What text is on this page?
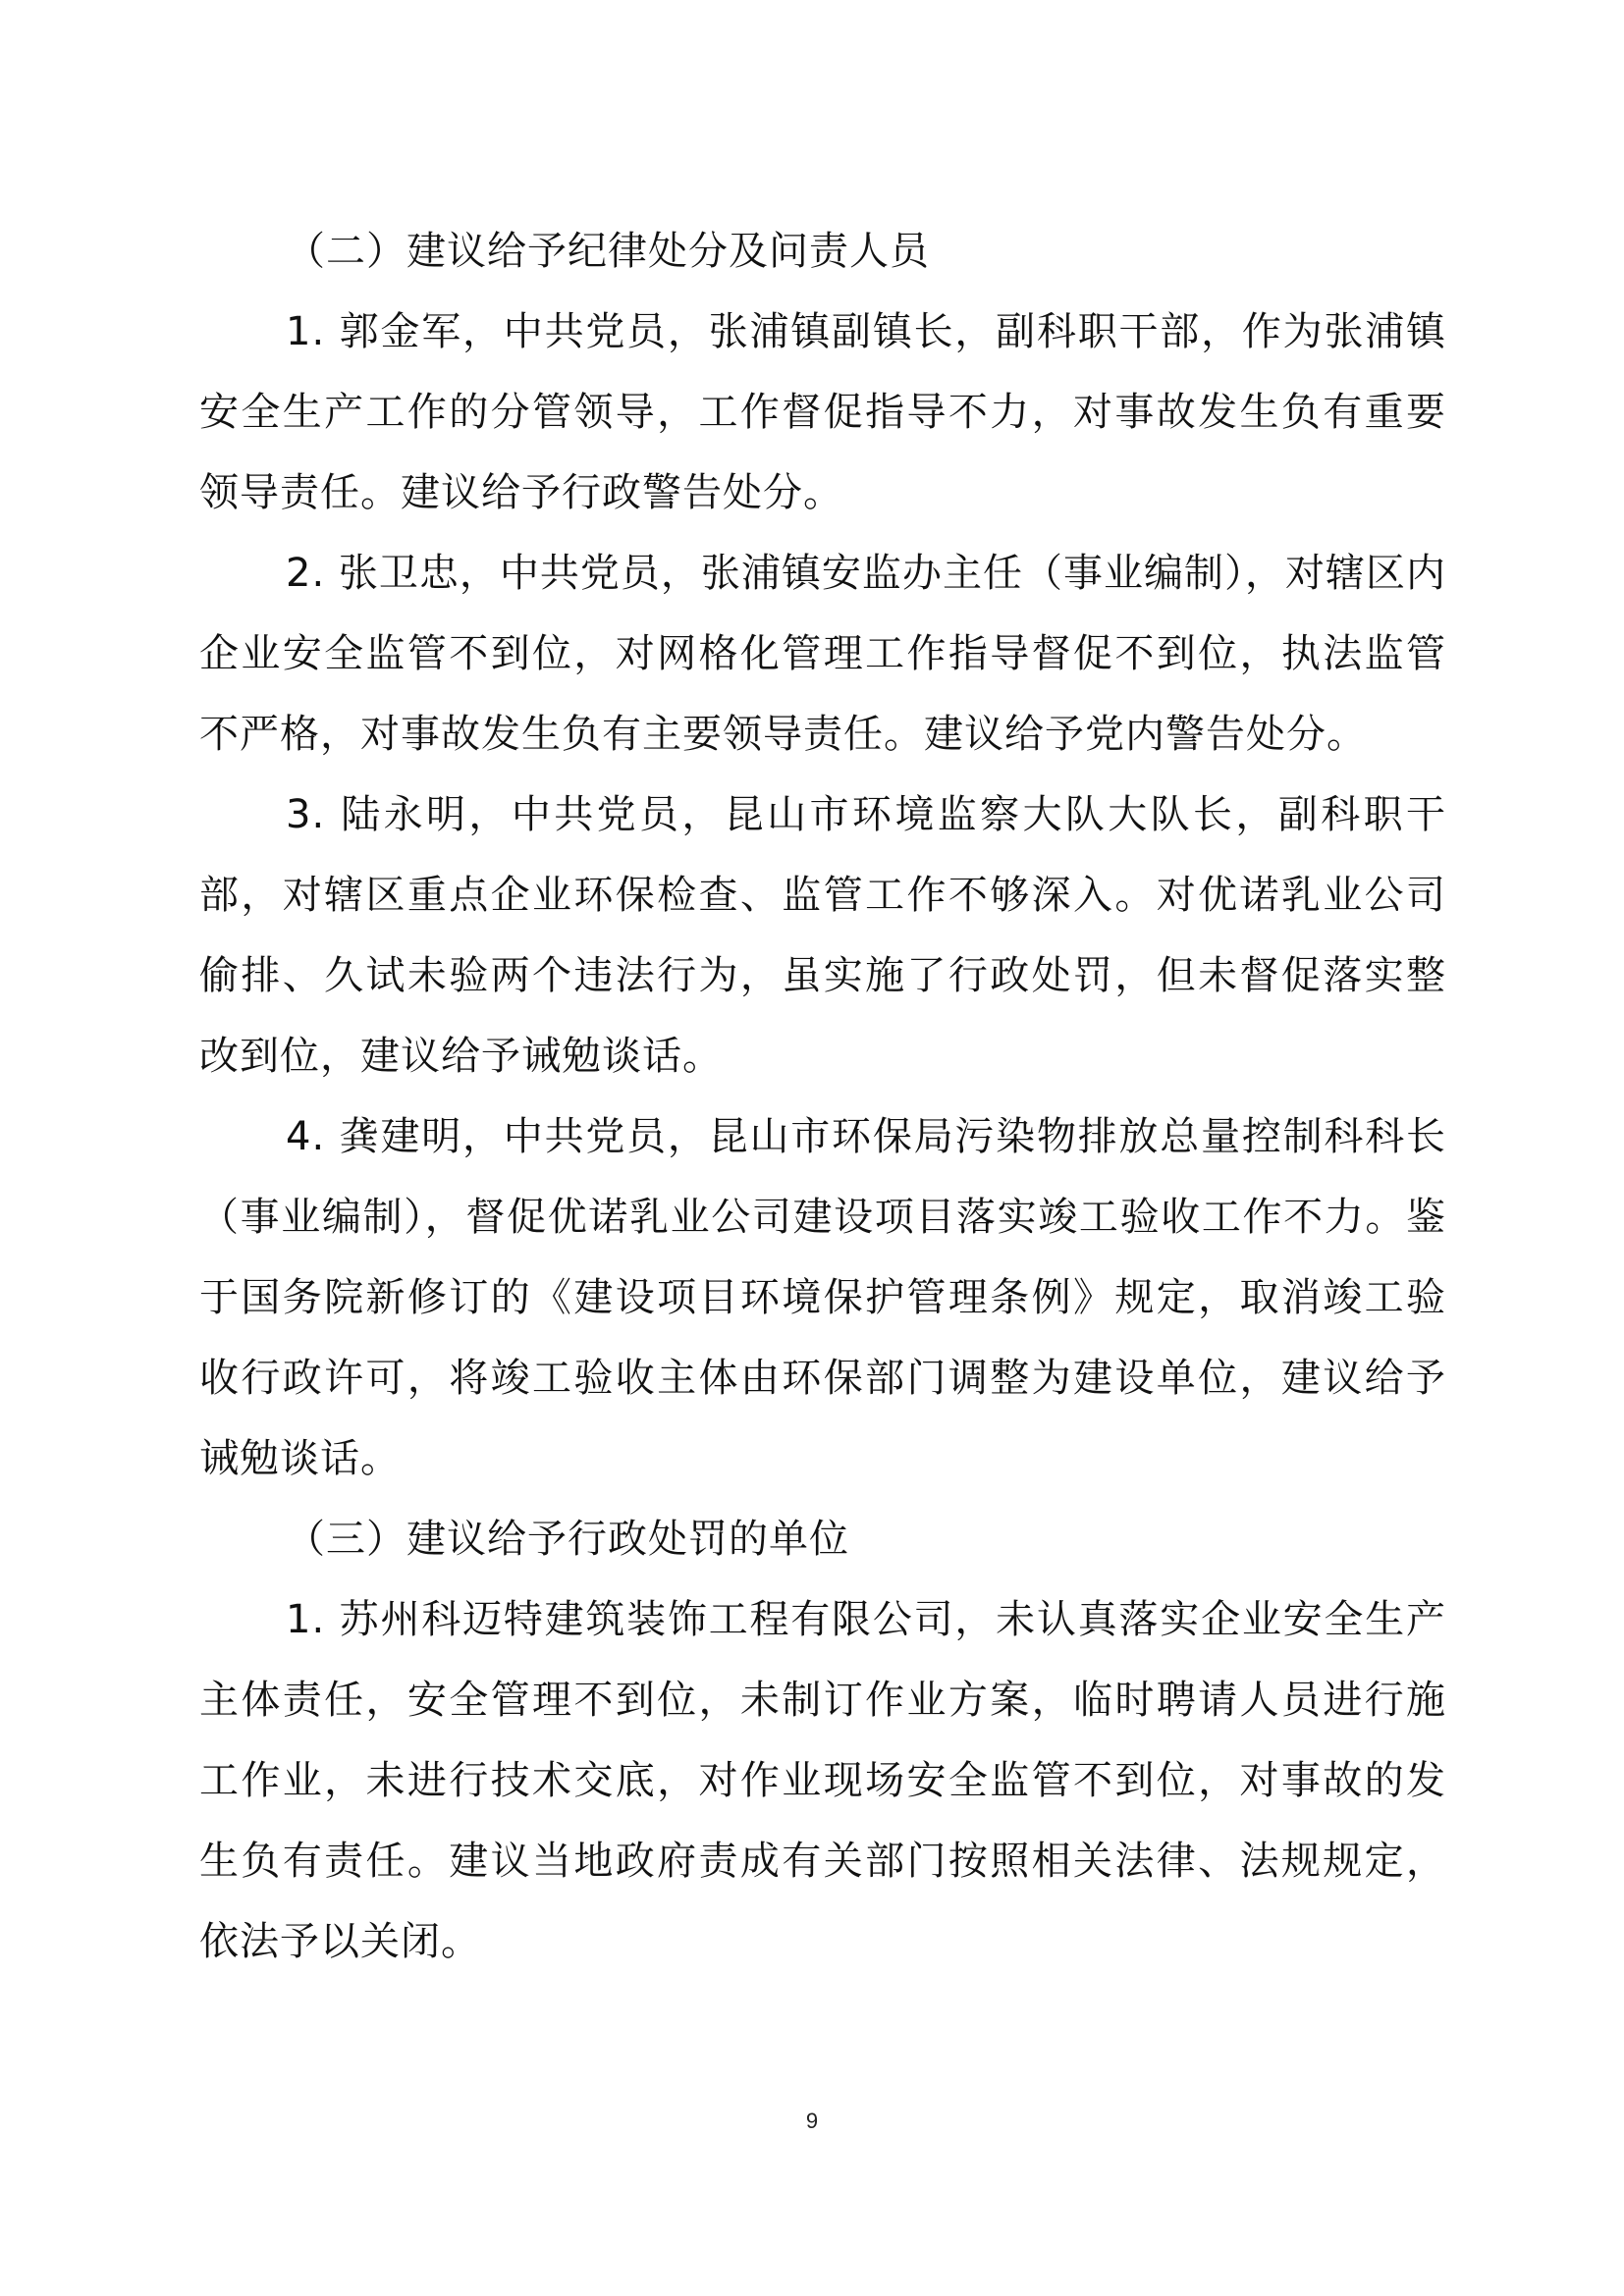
（二）建议给予纪律处分及问责人员

1. 郭金军，中共党员，张浦镇副镇长，副科职干部，作为张浦镇安全生产工作的分管领导，工作督促指导不力，对事故发生负有重要领导责任。建议给予行政警告处分。

2. 张卫忠，中共党员，张浦镇安监办主任（事业编制），对辖区内企业安全监管不到位，对网格化管理工作指导督促不到位，执法监管不严格，对事故发生负有主要领导责任。建议给予党内警告处分。

3. 陆永明，中共党员，昆山市环境监察大队大队长，副科职干部，对辖区重点企业环保检查、监管工作不够深入。对优诺乳业公司偷排、久试未验两个违法行为，虽实施了行政处罚，但未督促落实整改到位，建议给予诫勉谈话。

4. 龚建明，中共党员，昆山市环保局污染物排放总量控制科科长（事业编制），督促优诺乳业公司建设项目落实竣工验收工作不力。鉴于国务院新修订的《建设项目环境保护管理条例》规定，取消竣工验收行政许可，将竣工验收主体由环保部门调整为建设单位，建议给予诫勉谈话。

（三）建议给予行政处罚的单位

1. 苏州科迈特建筑装饰工程有限公司，未认真落实企业安全生产主体责任，安全管理不到位，未制订作业方案，临时聘请人员进行施工作业，未进行技术交底，对作业现场安全监管不到位，对事故的发生负有责任。建议当地政府责成有关部门按照相关法律、法规规定，依法予以关闭。

9
